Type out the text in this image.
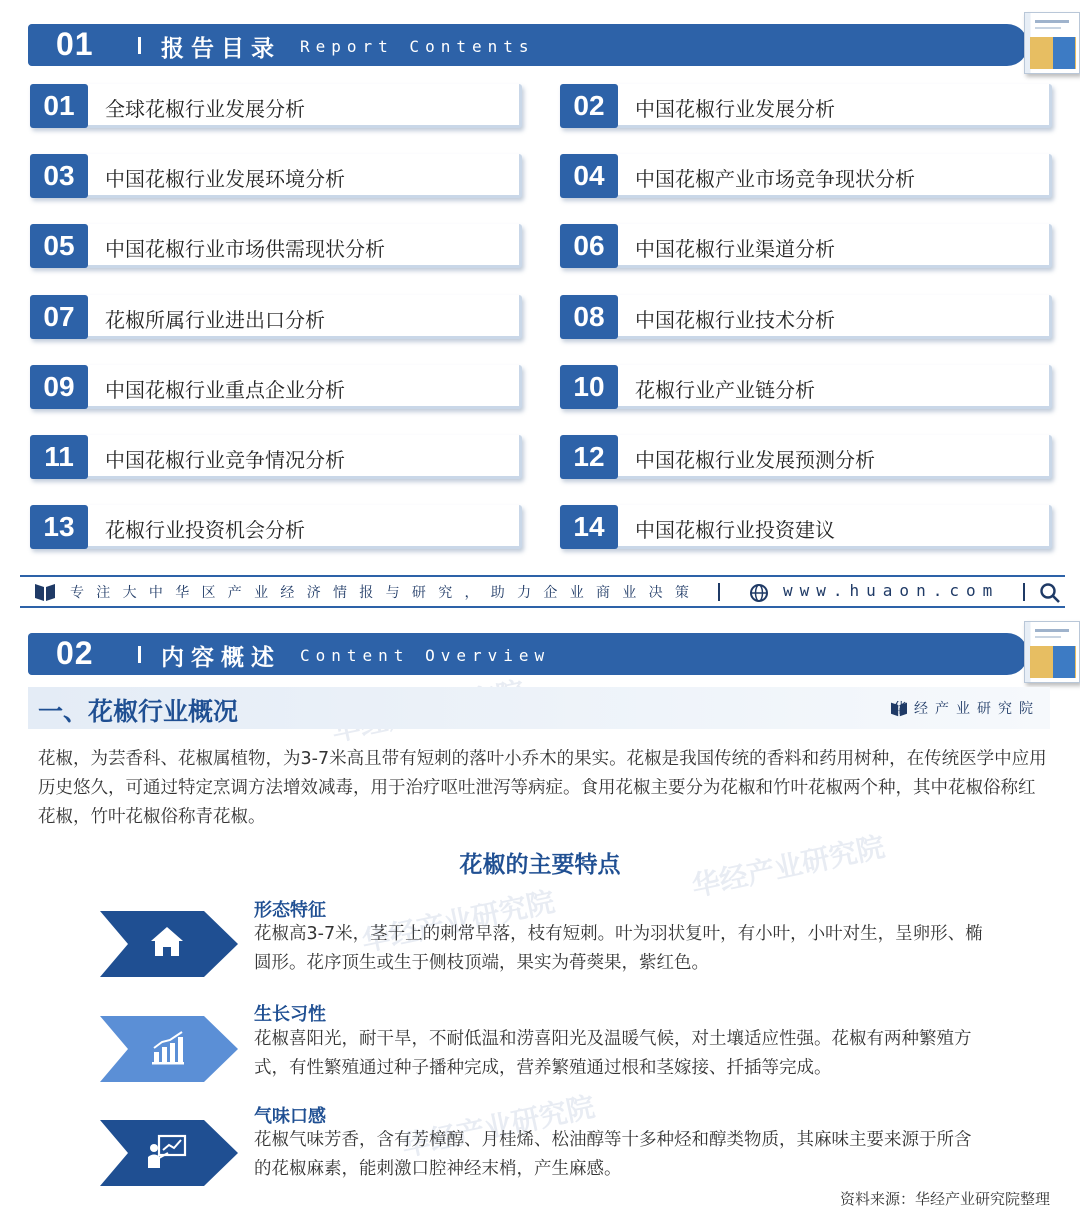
华经产业研究院
华经产业研究院
华经产业研究院
01	报告目录 Report Contents
01	全球花椒行业发展分析	02	中国花椒行业发展分析
03	中国花椒行业发展环境分析	04	中国花椒产业市场竞争现状分析
05	中国花椒行业市场供需现状分析	06	中国花椒行业渠道分析
07	花椒所属行业进出口分析	08	中国花椒行业技术分析
09	中国花椒行业重点企业分析	10	花椒行业产业链分析
11	中国花椒行业竞争情况分析	12	中国花椒行业发展预测分析
13	花椒行业投资机会分析	14	中国花椒行业投资建议
专注大中华区产业经济情报与研究，助力企业商业决策	www.huaon.com
02	内容概述 Content Overview
一、花椒行业概况	华经产业研究院

花椒，为芸香科、花椒属植物，为3-7米高且带有短刺的落叶小乔木的果实。花椒是我国传统的香料和药用树种，在传统医学中应用历史悠久，可通过特定烹调方法增效减毒，用于治疗呕吐泄泻等病症。食用花椒主要分为花椒和竹叶花椒两个种，其中花椒俗称红花椒，竹叶花椒俗称青花椒。

花椒的主要特点
形态特征
花椒高3-7米，茎干上的刺常早落，枝有短刺。叶为羽状复叶，有小叶，小叶对生，呈卵形、椭圆形。花序顶生或生于侧枝顶端，果实为蓇葖果，紫红色。
生长习性
花椒喜阳光，耐干旱，不耐低温和涝喜阳光及温暖气候，对土壤适应性强。花椒有两种繁殖方式，有性繁殖通过种子播种完成，营养繁殖通过根和茎嫁接、扦插等完成。
气味口感
花椒气味芳香，含有芳樟醇、月桂烯、松油醇等十多种烃和醇类物质，其麻味主要来源于所含的花椒麻素，能刺激口腔神经末梢，产生麻感。
资料来源：华经产业研究院整理
